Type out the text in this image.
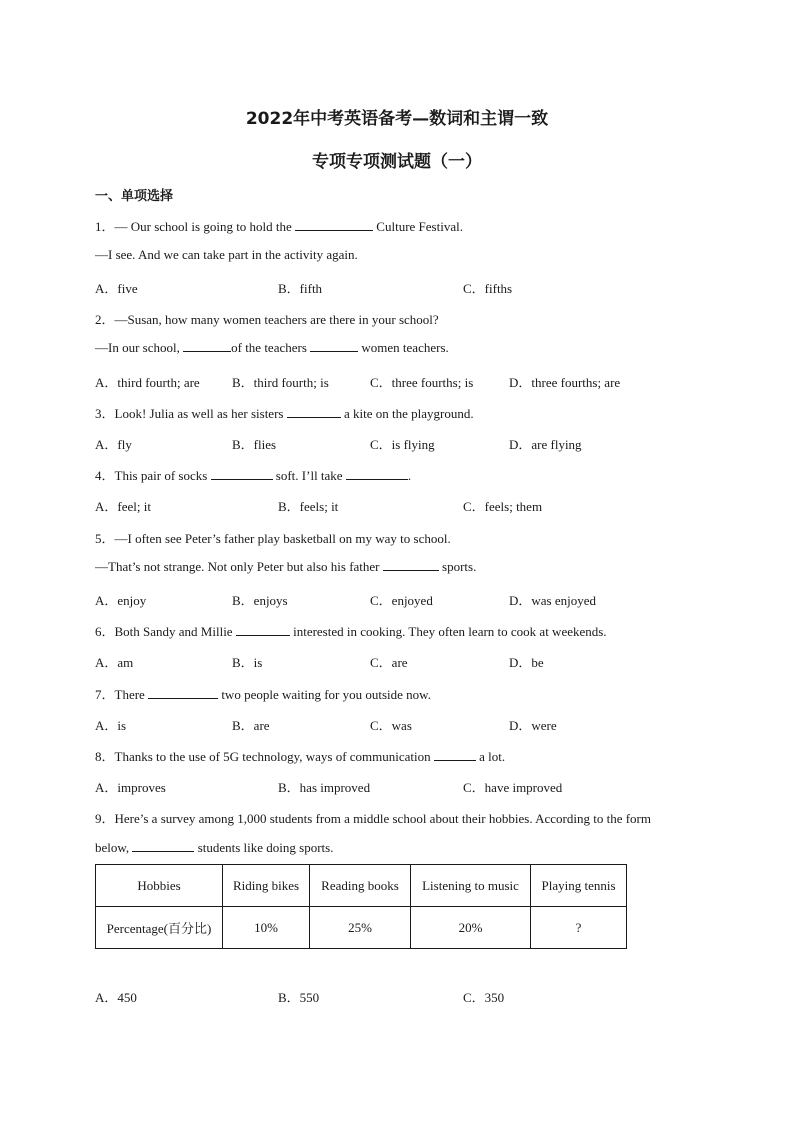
2022年中考英语备考—数词和主谓一致
专项专项测试题（一）
一、单项选择
1．— Our school is going to hold the	Culture Festival.
—I see. And we can take part in the activity again.
A．five	B．fifth	C．fifths
2．—Susan, how many women teachers are there in your school?
—In our school,	of the teachers	women teachers.
A．third fourth; are B．third fourth; is	C．three fourths; is	D．three fourths; are
3．Look! Julia as well as her sisters	a kite on the playground.
A．fly	B．flies	C．is flying	D．are flying
4．This pair of socks	soft. I’ll take	.
A．feel; it	B．feels; it	C．feels; them
5．—I often see Peter’s father play basketball on my way to school.
—That’s not strange. Not only Peter but also his father	sports.
A．enjoy	B．enjoys	C．enjoyed	D．was enjoyed
6．Both Sandy and Millie	interested in cooking. They often learn to cook at weekends.
A．am	B．is	C．are	D．be
7．There	two people waiting for you outside now.
A．is	B．are	C．was	D．were
8．Thanks to the use of 5G technology, ways of communication	a lot.
A．improves	B．has improved	C．have improved
9．Here’s a survey among 1,000 students from a middle school about their hobbies. According to the form
below,	students like doing sports.
Hobbies	Riding bikes	Reading books	Listening to music	Playing tennis
Percentage(百分比)	10%	25%	20%	?
A．450	B．550	C．350
